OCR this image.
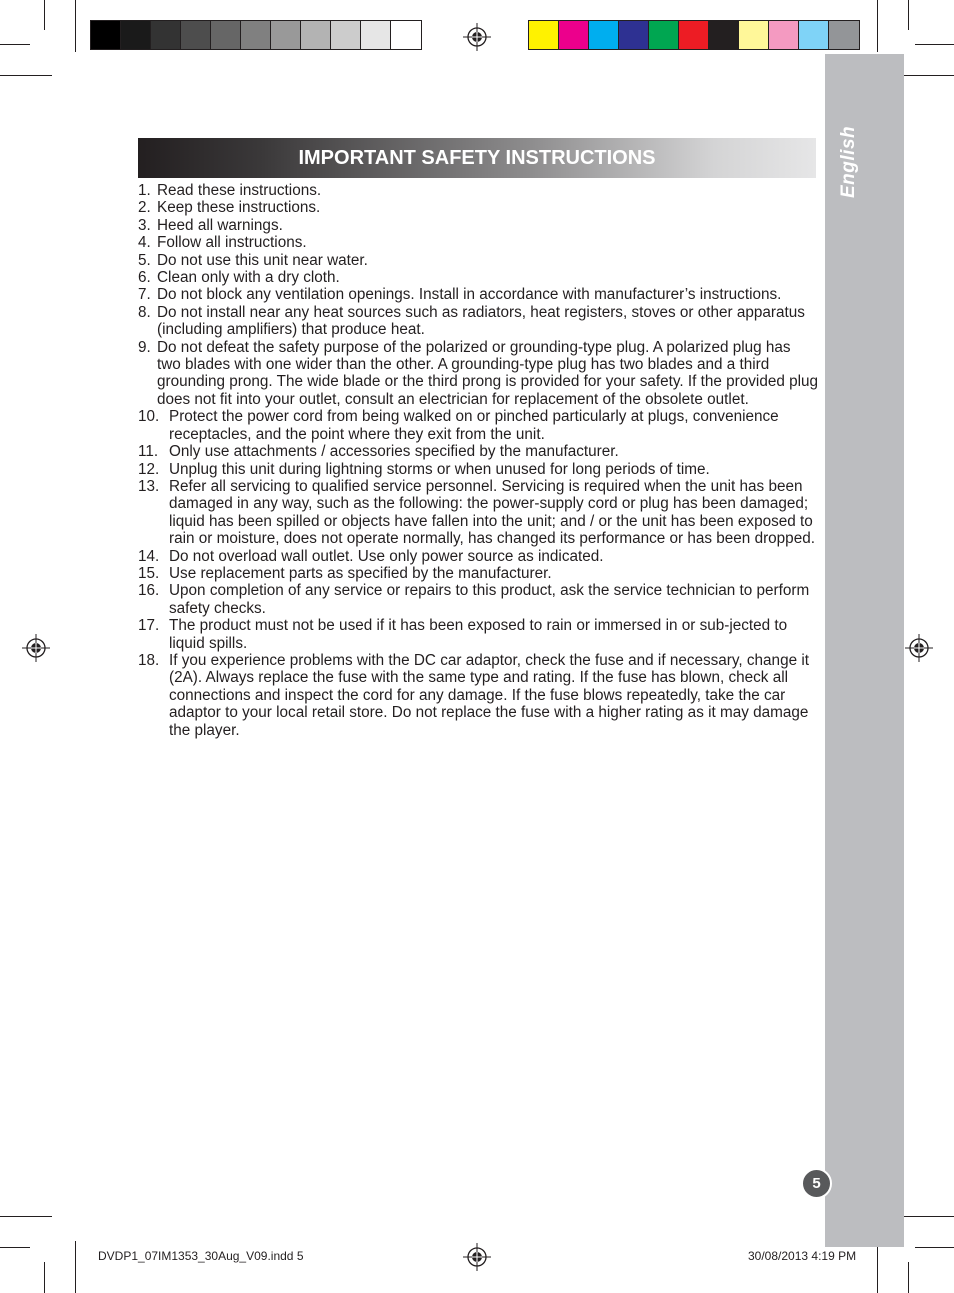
English
IMPORTANT SAFETY INSTRUCTIONS
1. Read these instructions.
2. Keep these instructions.
3. Heed all warnings.
4. Follow all instructions.
5. Do not use this unit near water.
6. Clean only with a dry cloth.
7. Do not block any ventilation openings. Install in accordance with manufacturer’s instructions.
8. Do not install near any heat sources such as radiators, heat registers, stoves or other apparatus (including amplifiers) that produce heat.
9. Do not defeat the safety purpose of the polarized or grounding-type plug. A polarized plug has two blades with one wider than the other. A grounding-type plug has two blades and a third grounding prong. The wide blade or the third prong is provided for your safety. If the provided plug does not fit into your outlet, consult an electrician for replacement of the obsolete outlet.
10. Protect the power cord from being walked on or pinched particularly at plugs, convenience receptacles, and the point where they exit from the unit.
11. Only use attachments / accessories specified by the manufacturer.
12. Unplug this unit during lightning storms or when unused for long periods of time.
13. Refer all servicing to qualified service personnel. Servicing is required when the unit has been damaged in any way, such as the following: the power-supply cord or plug has been damaged; liquid has been spilled or objects have fallen into the unit; and / or the unit has been exposed to rain or moisture, does not operate normally, has changed its performance or has been dropped.
14. Do not overload wall outlet. Use only power source as indicated.
15. Use replacement parts as specified by the manufacturer.
16. Upon completion of any service or repairs to this product, ask the service technician to perform safety checks.
17. The product must not be used if it has been exposed to rain or immersed in or sub-jected to liquid spills.
18. If you experience problems with the DC car adaptor, check the fuse and if necessary, change it (2A). Always replace the fuse with the same type and rating. If the fuse has blown, check all connections and inspect the cord for any damage. If the fuse blows repeatedly, take the car adaptor to your local retail store. Do not replace the fuse with a higher rating as it may damage the player.
5
DVDP1_07IM1353_30Aug_V09.indd 5	30/08/2013 4:19 PM
